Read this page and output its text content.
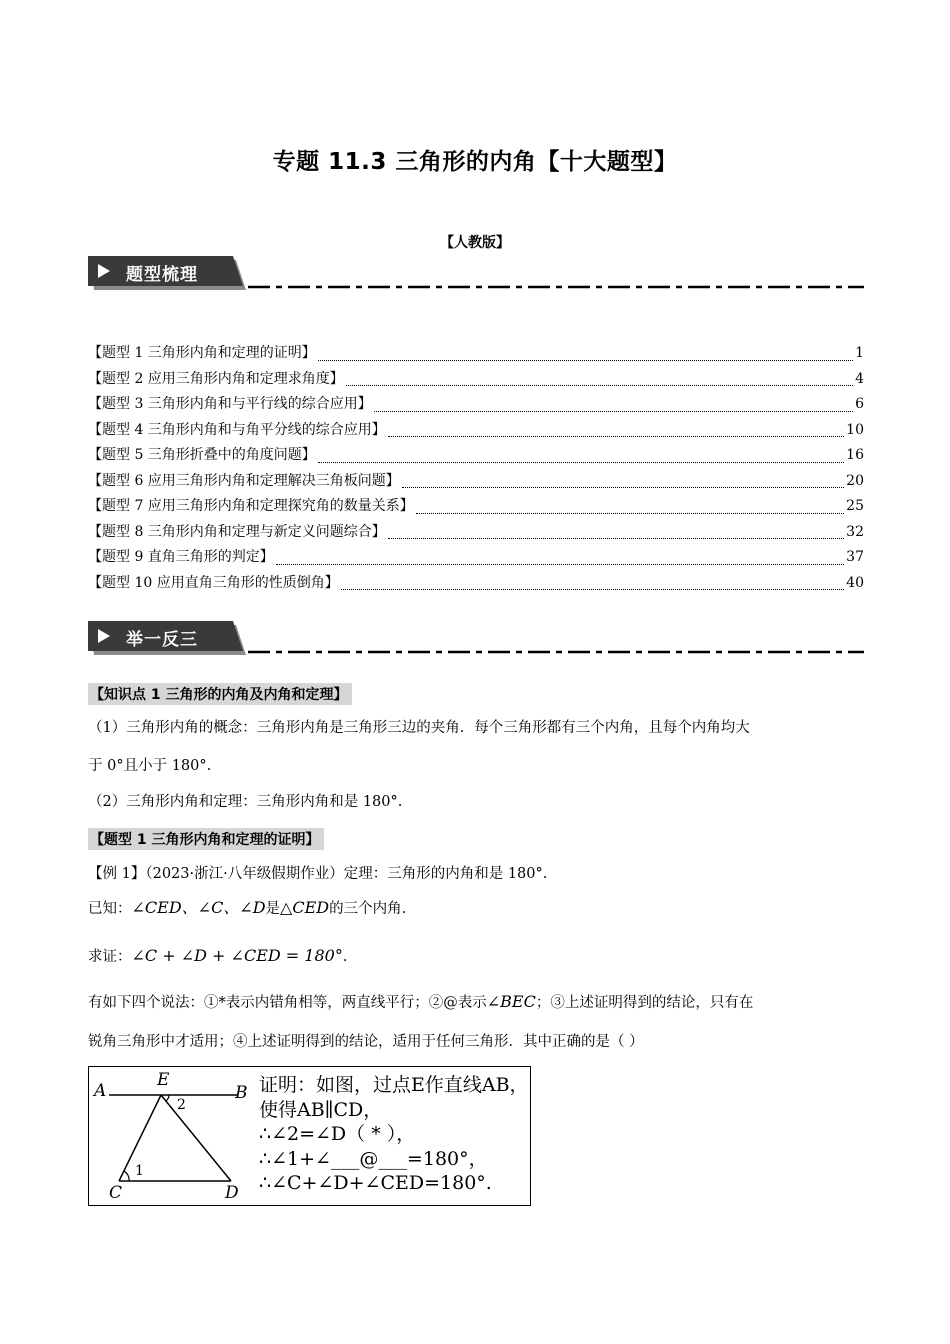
专题 11.3 三角形的内角【十大题型】
【人教版】
题型梳理
【题型 1 三角形内角和定理的证明】	1
【题型 2 应用三角形内角和定理求角度】	4
【题型 3 三角形内角和与平行线的综合应用】	6
【题型 4 三角形内角和与角平分线的综合应用】	10
【题型 5 三角形折叠中的角度问题】	16
【题型 6 应用三角形内角和定理解决三角板问题】	20
【题型 7 应用三角形内角和定理探究角的数量关系】	25
【题型 8 三角形内角和定理与新定义问题综合】	32
【题型 9 直角三角形的判定】	37
【题型 10 应用直角三角形的性质倒角】	40
举一反三
【知识点 1 三角形的内角及内角和定理】
（1）三角形内角的概念：三角形内角是三角形三边的夹角．每个三角形都有三个内角，且每个内角均大
于 0°且小于 180°.
（2）三角形内角和定理：三角形内角和是 180°.
【题型 1 三角形内角和定理的证明】
【例 1】（2023·浙江·八年级假期作业）定理：三角形的内角和是 180°.
已知：∠CED、∠C、∠D是△CED的三个内角.
求证：∠C + ∠D + ∠CED = 180°.
有如下四个说法：①*表示内错角相等，两直线平行；②@表示∠BEC；③上述证明得到的结论，只有在
锐角三角形中才适用；④上述证明得到的结论，适用于任何三角形．其中正确的是（ ）
A
E
B
C	D
1
2
证明：如图，过点E作直线AB，
使得AB∥CD，
∴∠2=∠D（ * ），
∴∠1+∠___@___=180°，
∴∠C+∠D+∠CED=180°.
